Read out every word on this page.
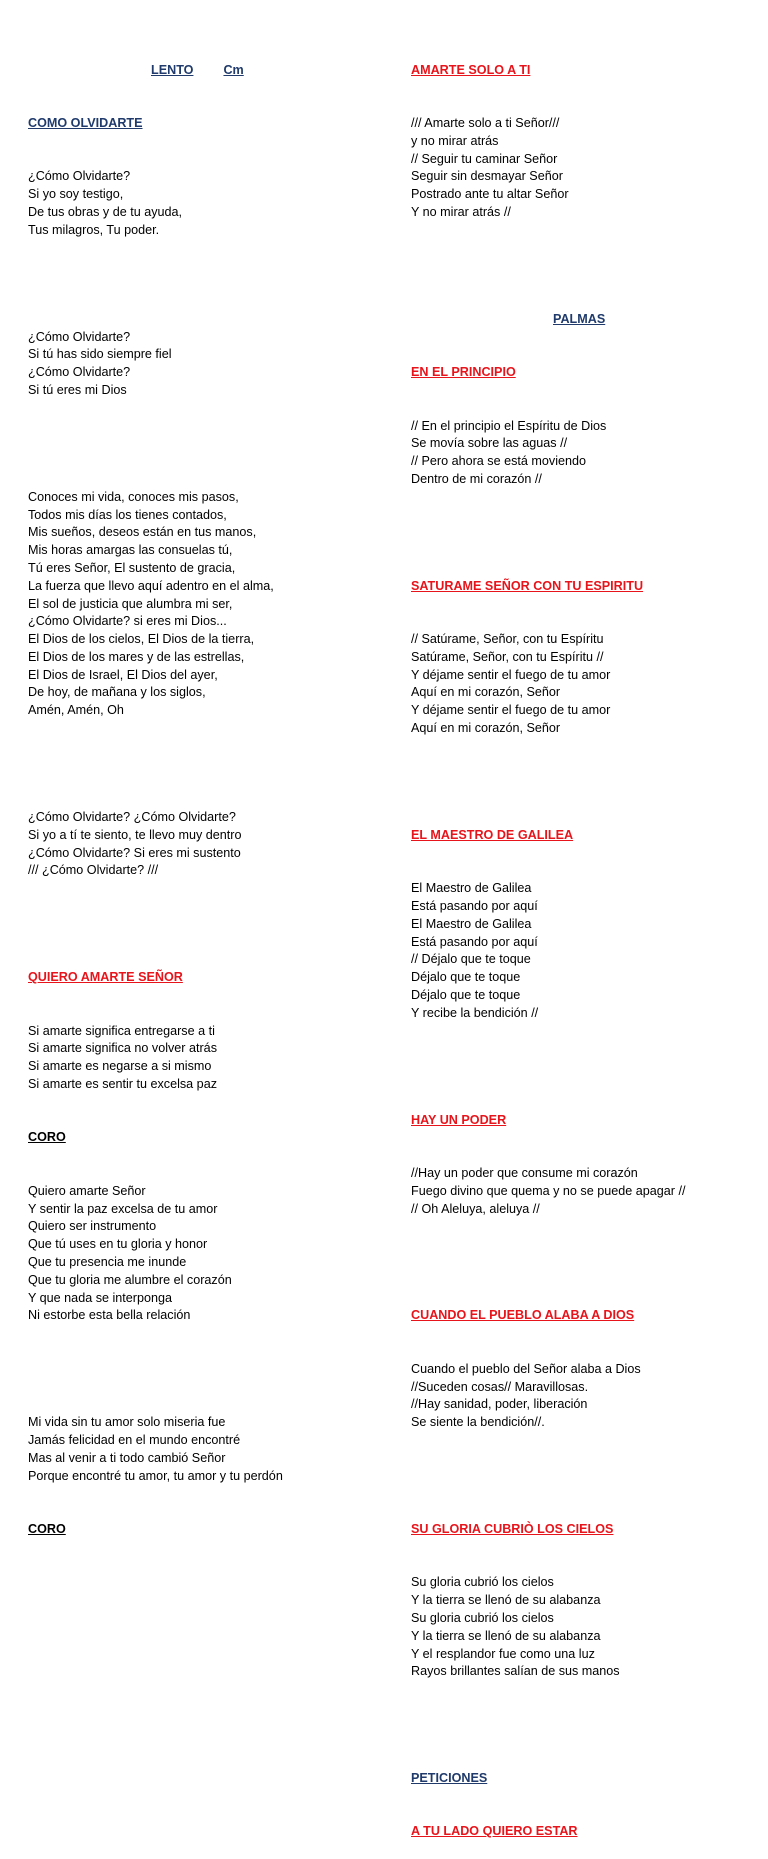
LENTO Cm

COMO OLVIDARTE

¿Cómo Olvidarte?
Si yo soy testigo,
De tus obras y de tu ayuda,
Tus milagros, Tu poder.

¿Cómo Olvidarte?
Si tú has sido siempre fiel
¿Cómo Olvidarte?
Si tú eres mi Dios

Conoces mi vida, conoces mis pasos,
Todos mis días los tienes contados,
Mis sueños, deseos están en tus manos,
Mis horas amargas las consuelas tú,
Tú eres Señor, El sustento de gracia,
La fuerza que llevo aquí adentro en el alma,
El sol de justicia que alumbra mi ser,
¿Cómo Olvidarte? si eres mi Dios...
El Dios de los cielos, El Dios de la tierra,
El Dios de los mares y de las estrellas,
El Dios de Israel, El Dios del ayer,
De hoy, de mañana y los siglos,
Amén, Amén, Oh

¿Cómo Olvidarte? ¿Cómo Olvidarte?
Si yo a tí te siento, te llevo muy dentro
¿Cómo Olvidarte? Si eres mi sustento
/// ¿Cómo Olvidarte? ///

QUIERO AMARTE SEÑOR

Si amarte significa entregarse a ti
Si amarte significa no volver atrás
Si amarte es negarse a si mismo
Si amarte es sentir tu excelsa paz

CORO

Quiero amarte Señor
Y sentir la paz excelsa de tu amor
Quiero ser instrumento
Que tú uses en tu gloria y honor
Que tu presencia me inunde
Que tu gloria me alumbre el corazón
Y que nada se interponga
Ni estorbe esta bella relación

Mi vida sin tu amor solo miseria fue
Jamás felicidad en el mundo encontré
Mas al venir a ti todo cambió Señor
Porque encontré tu amor, tu amor y tu perdón

CORO

AMARTE SOLO A TI

/// Amarte solo a ti Señor///
y no mirar atrás
// Seguir tu caminar Señor
Seguir sin desmayar Señor
Postrado ante tu altar Señor
Y no mirar atrás //

PALMAS

EN EL PRINCIPIO

// En el principio el Espíritu de Dios
Se movía sobre las aguas //
// Pero ahora se está moviendo
Dentro de mi corazón //

SATURAME SEÑOR CON TU ESPIRITU

// Satúrame, Señor, con tu Espíritu
Satúrame, Señor, con tu Espíritu //
Y déjame sentir el fuego de tu amor
Aquí en mi corazón, Señor
Y déjame sentir el fuego de tu amor
Aquí en mi corazón, Señor

EL MAESTRO DE GALILEA

El Maestro de Galilea
Está pasando por aquí
El Maestro de Galilea
Está pasando por aquí
// Déjalo que te toque
Déjalo que te toque
Déjalo que te toque
Y recibe la bendición //

HAY UN PODER

//Hay un poder que consume mi corazón
Fuego divino que quema y no se puede apagar //
// Oh Aleluya, aleluya //

CUANDO EL PUEBLO ALABA A DIOS

Cuando el pueblo del Señor alaba a Dios
//Suceden cosas// Maravillosas.
//Hay sanidad, poder, liberación
Se siente la bendición//.

SU GLORIA CUBRIÒ LOS CIELOS

Su gloria cubrió los cielos
Y la tierra se llenó de su alabanza
Su gloria cubrió los cielos
Y la tierra se llenó de su alabanza
Y el resplandor fue como una luz
Rayos brillantes salían de sus manos

PETICIONES

A TU LADO QUIERO ESTAR
